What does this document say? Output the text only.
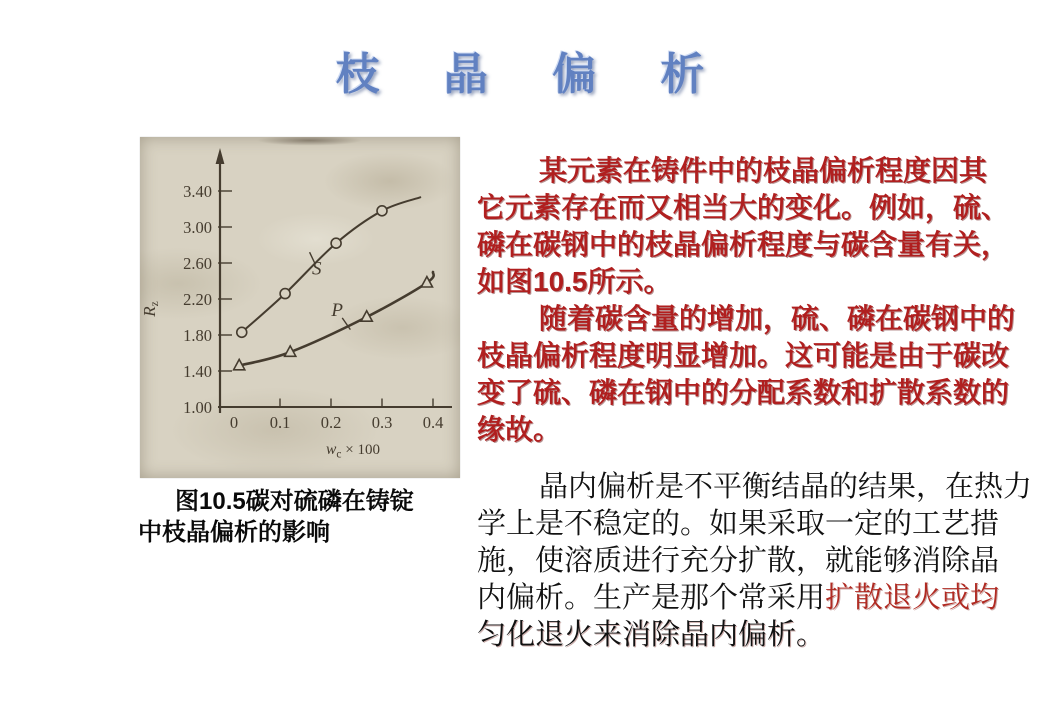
枝 晶 偏 析
1.00
1.40
1.80
2.20
2.60
3.00
3.40
0 0.1 0.2 0.3 0.4
Rz
$w_c \times 100$
S
P
图10.5碳对硫磷在铸锭
中枝晶偏析的影响
某元素在铸件中的枝晶偏析程度因其
它元素存在而又相当大的变化。例如，硫、
磷在碳钢中的枝晶偏析程度与碳含量有关，
如图10.5所示。
随着碳含量的增加，硫、磷在碳钢中的
枝晶偏析程度明显增加。这可能是由于碳改
变了硫、磷在钢中的分配系数和扩散系数的
缘故。
晶内偏析是不平衡结晶的结果，在热力
学上是不稳定的。如果采取一定的工艺措
施，使溶质进行充分扩散，就能够消除晶
内偏析。生产是那个常采用扩散退火或均
匀化退火来消除晶内偏析。
